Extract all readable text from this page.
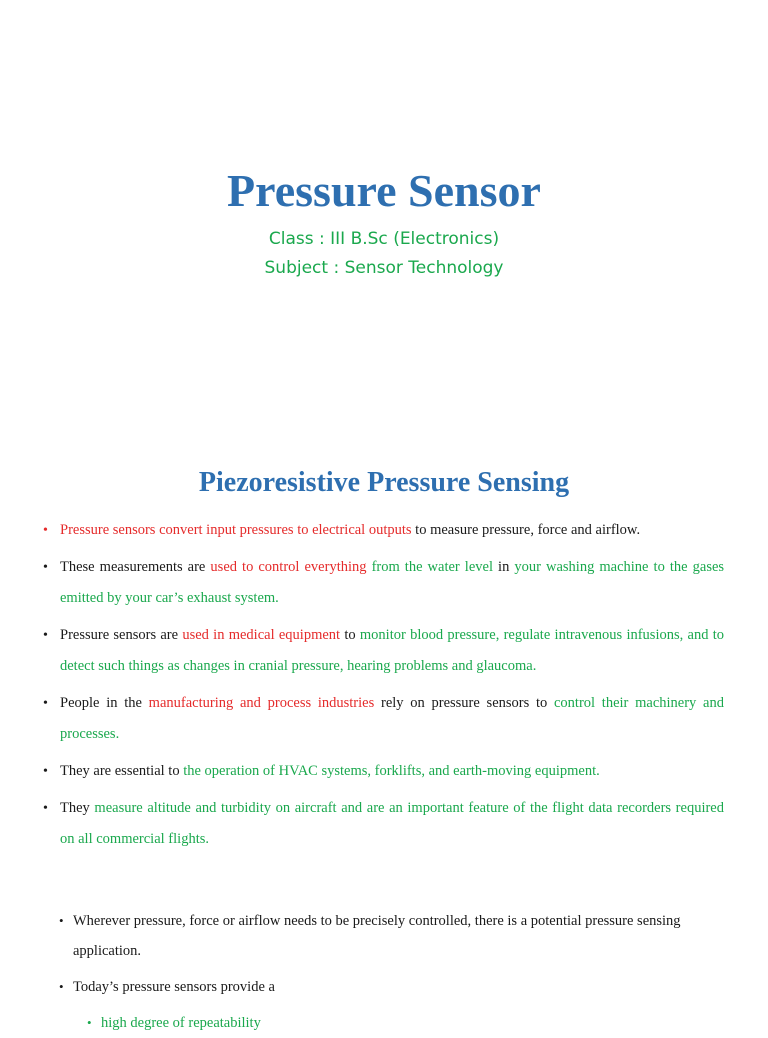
Pressure Sensor
Class : III B.Sc (Electronics)
Subject : Sensor Technology
Piezoresistive Pressure Sensing
• Pressure sensors convert input pressures to electrical outputs to measure pressure, force and airflow.
• These measurements are used to control everything from the water level in your washing machine to the gases emitted by your car’s exhaust system.
• Pressure sensors are used in medical equipment to monitor blood pressure, regulate intravenous infusions, and to detect such things as changes in cranial pressure, hearing problems and glaucoma.
• People in the manufacturing and process industries rely on pressure sensors to control their machinery and processes.
• They are essential to the operation of HVAC systems, forklifts, and earth-moving equipment.
• They measure altitude and turbidity on aircraft and are an important feature of the flight data recorders required on all commercial flights.
• Wherever pressure, force or airflow needs to be precisely controlled, there is a potential pressure sensing application.
• Today’s pressure sensors provide a
• high degree of repeatability
